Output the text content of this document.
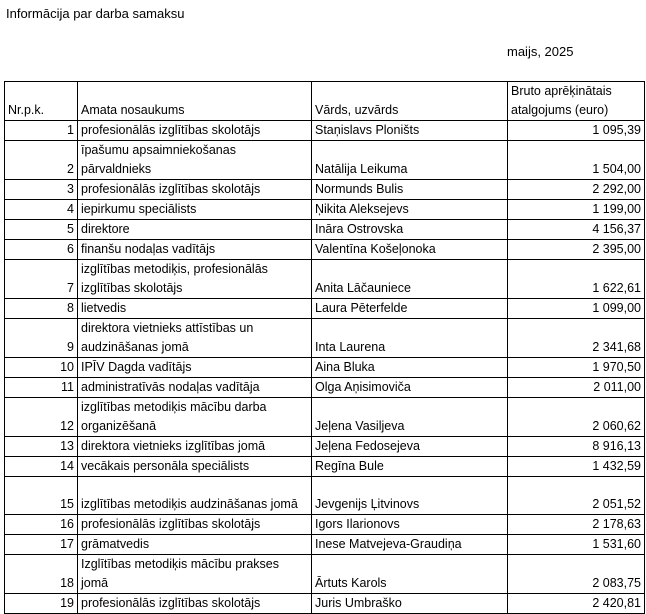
Informācija par darba samaksu
maijs, 2025
Nr.p.k.	Amata nosaukums	Vārds, uzvārds	Bruto aprēķinātais atalgojums (euro)
1	profesionālās izglītības skolotājs	Staņislavs Ploništs	1 095,39
2	īpašumu apsaimniekošanas pārvaldnieks	Natālija Leikuma	1 504,00
3	profesionālās izglītības skolotājs	Normunds Bulis	2 292,00
4	iepirkumu speciālists	Ņikita Aleksejevs	1 199,00
5	direktore	Ināra Ostrovska	4 156,37
6	finanšu nodaļas vadītājs	Valentīna Košeļonoka	2 395,00
7	izglītības metodiķis, profesionālās izglītības skolotājs	Anita Lāčauniece	1 622,61
8	lietvedis	Laura Pēterfelde	1 099,00
9	direktora vietnieks attīstības un audzināšanas jomā	Inta Laurena	2 341,68
10	IPĪV Dagda vadītājs	Aina Bluka	1 970,50
11	administratīvās nodaļas vadītāja	Olga Aņisimoviča	2 011,00
12	izglītības metodiķis mācību darba organizēšanā	Jeļena Vasiljeva	2 060,62
13	direktora vietnieks izglītības jomā	Jeļena Fedosejeva	8 916,13
14	vecākais personāla speciālists	Regīna Bule	1 432,59
15	izglītības metodiķis audzināšanas jomā	Jevgenijs Ļitvinovs	2 051,52
16	profesionālās izglītības skolotājs	Igors Ilarionovs	2 178,63
17	grāmatvedis	Inese Matvejeva-Graudiņa	1 531,60
18	Izglītības metodiķis mācību prakses jomā	Ārtuts Karols	2 083,75
19	profesionālās izglītības skolotājs	Juris Umbraško	2 420,81
